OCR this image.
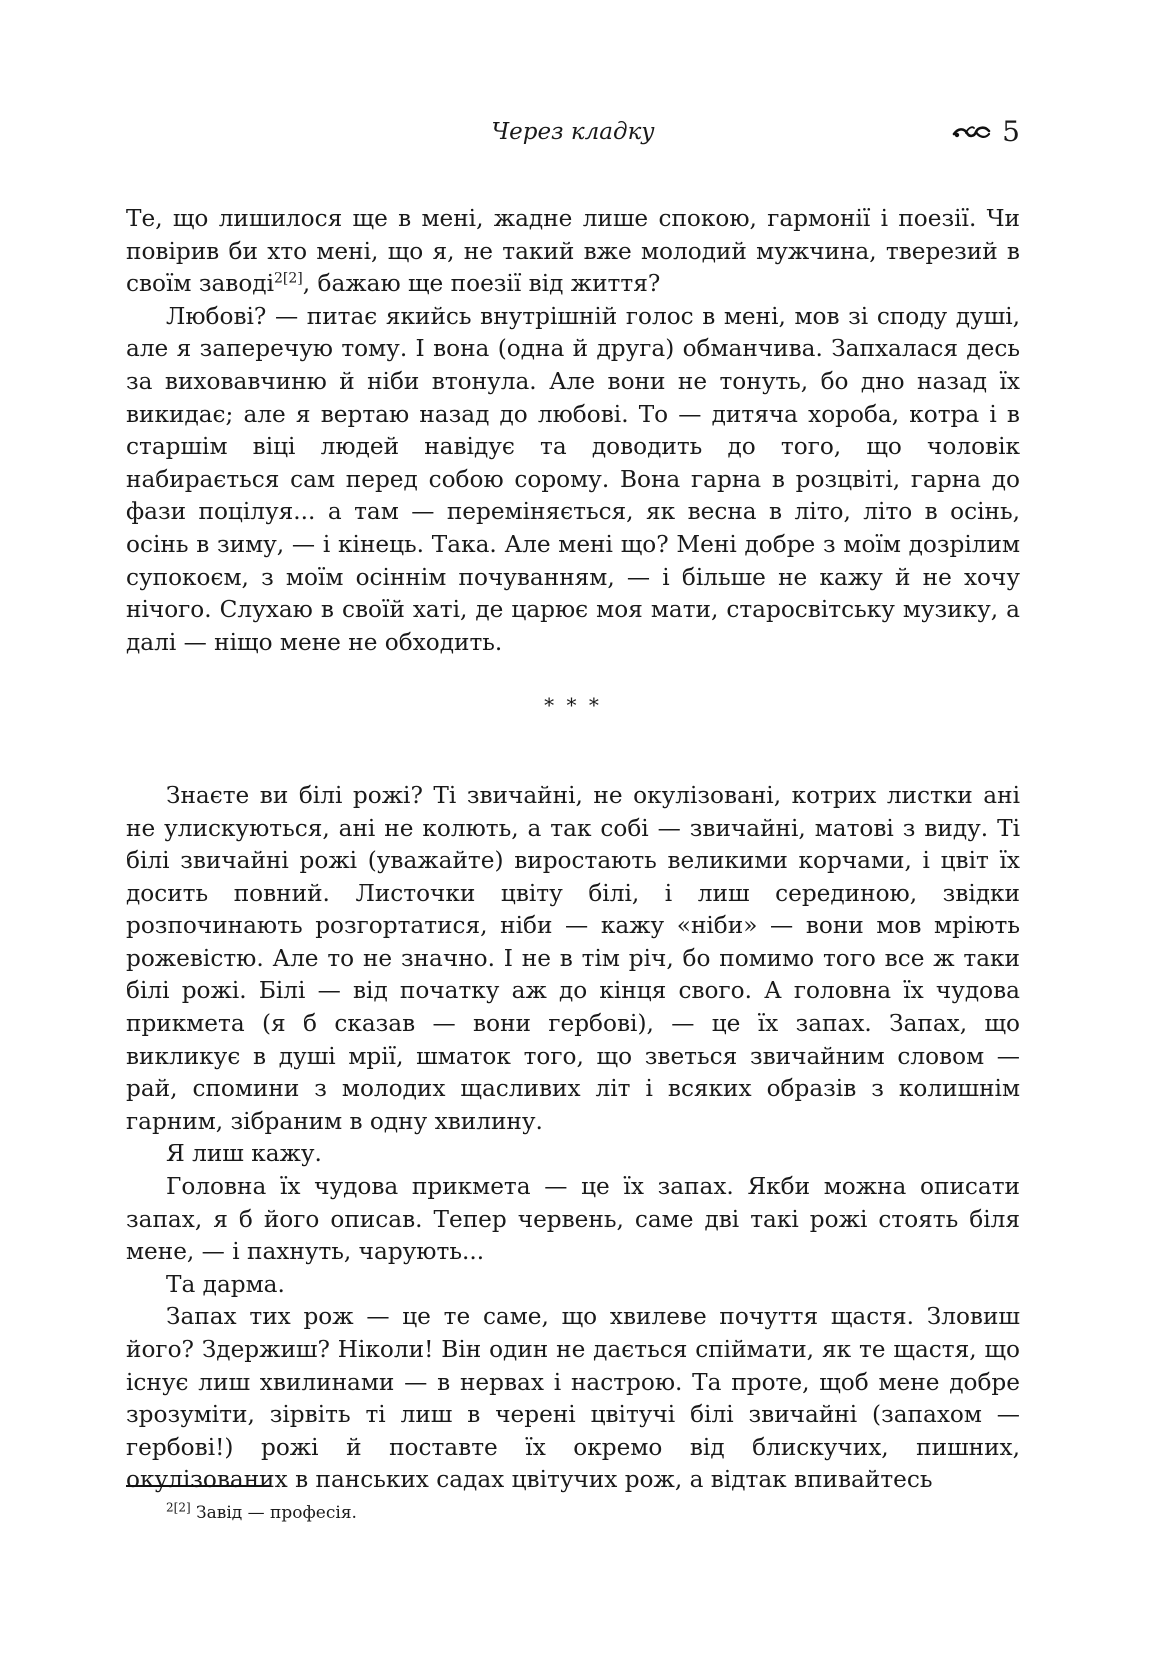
Через кладку	5

Те, що лишилося ще в мені, жадне лише спокою, гармонії і поезії. Чи повірив би хто мені, що я, не такий вже молодий мужчина, тверезий в своїм заводі$^{2[2]}$, бажаю ще поезії від життя?

Любові? — питає якийсь внутрішній голос в мені, мов зі споду душі, але я заперечую тому. І вона (одна й друга) обманчива. Запхалася десь за виховавчиню й ніби втонула. Але вони не тонуть, бо дно назад їх викидає; але я вертаю назад до любові. То — дитяча хороба, котра і в старшім віці людей навідує та доводить до того, що чоловік набирається сам перед собою сорому. Вона гарна в розцвіті, гарна до фази поцілуя... а там — переміняється, як весна в літо, літо в осінь, осінь в зиму, — і кінець. Така. Але мені що? Мені добре з моїм дозрілим супокоєм, з моїм осіннім почуванням, — і більше не кажу й не хочу нічого. Слухаю в своїй хаті, де царює моя мати, старосвітську музику, а далі — ніщо мене не обходить.

* * *

Знаєте ви білі рожі? Ті звичайні, не окулізовані, котрих листки ані не улискуються, ані не колють, а так собі — звичайні, матові з виду. Ті білі звичайні рожі (уважайте) виростають великими корчами, і цвіт їх досить повний. Листочки цвіту білі, і лиш серединою, звідки розпочинають розгортатися, ніби — кажу «ніби» — вони мов мріють рожевістю. Але то не значно. І не в тім річ, бо помимо того все ж таки білі рожі. Білі — від початку аж до кінця свого. А головна їх чудова прикмета (я б сказав — вони гербові), — це їх запах. Запах, що викликує в душі мрії, шматок того, що зветься звичайним словом — рай, спомини з молодих щасливих літ і всяких образів з колишнім гарним, зібраним в одну хвилину.

Я лиш кажу.

Головна їх чудова прикмета — це їх запах. Якби можна описати запах, я б його описав. Тепер червень, саме дві такі рожі стоять біля мене, — і пахнуть, чарують...

Та дарма.

Запах тих рож — це те саме, що хвилеве почуття щастя. Зловиш його? Здержиш? Ніколи! Він один не дається спіймати, як те щастя, що існує лиш хвилинами — в нервах і настрою. Та проте, щоб мене добре зрозуміти, зірвіть ті лиш в черені цвітучі білі звичайні (запахом — гербові!) рожі й поставте їх окремо від блискучих, пишних, окулізованих в панських садах цвітучих рож, а відтак впивайтесь

$^{2[2]}$ Завід — професія.
